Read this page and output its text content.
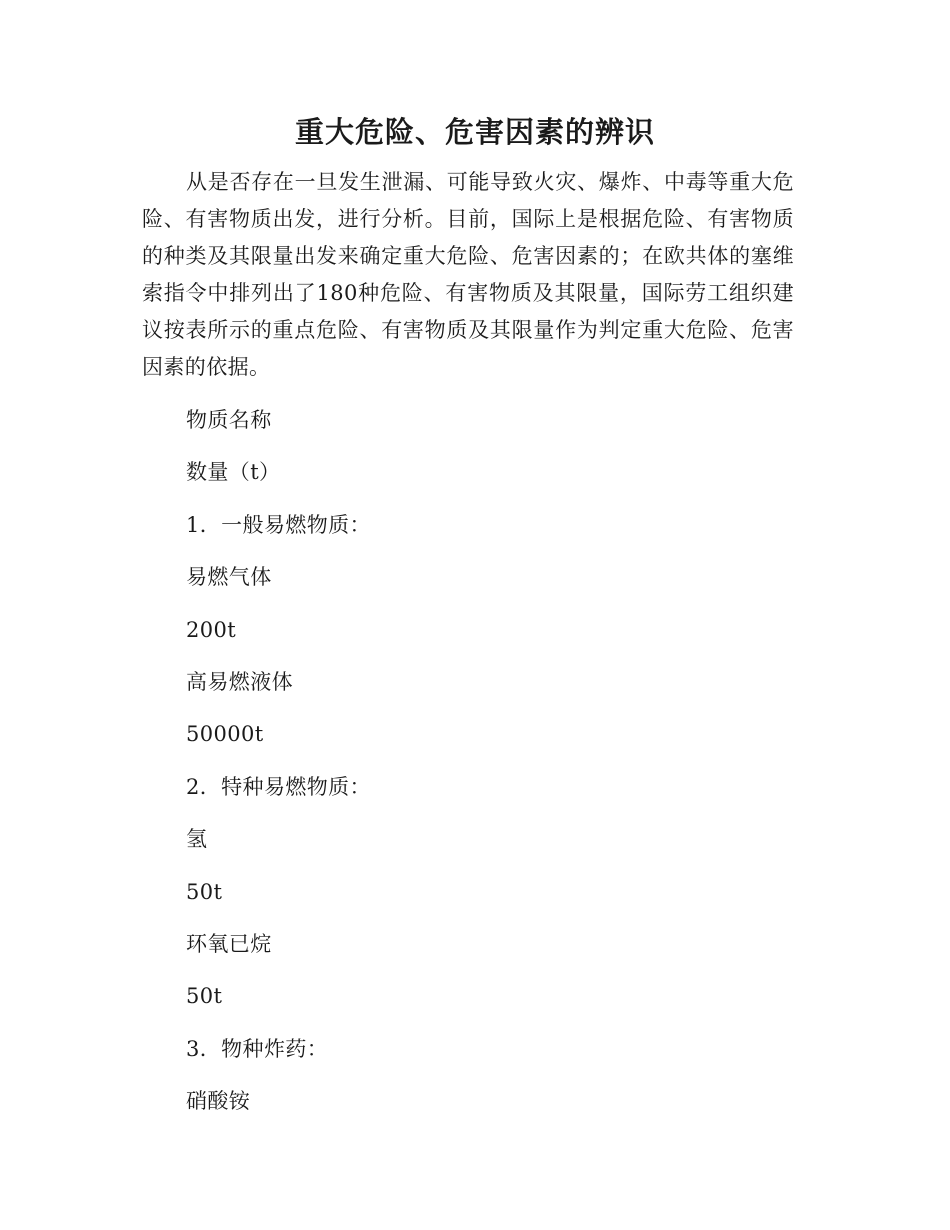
重大危险、危害因素的辨识

从是否存在一旦发生泄漏、可能导致火灾、爆炸、中毒等重大危险、有害物质出发，进行分析。目前，国际上是根据危险、有害物质的种类及其限量出发来确定重大危险、危害因素的；在欧共体的塞维索指令中排列出了180种危险、有害物质及其限量，国际劳工组织建议按表所示的重点危险、有害物质及其限量作为判定重大危险、危害因素的依据。

物质名称
数量（t）
1．一般易燃物质：
易燃气体
200t
高易燃液体
50000t
2．特种易燃物质：
氢
50t
环氧已烷
50t
3．物种炸药：
硝酸铵
